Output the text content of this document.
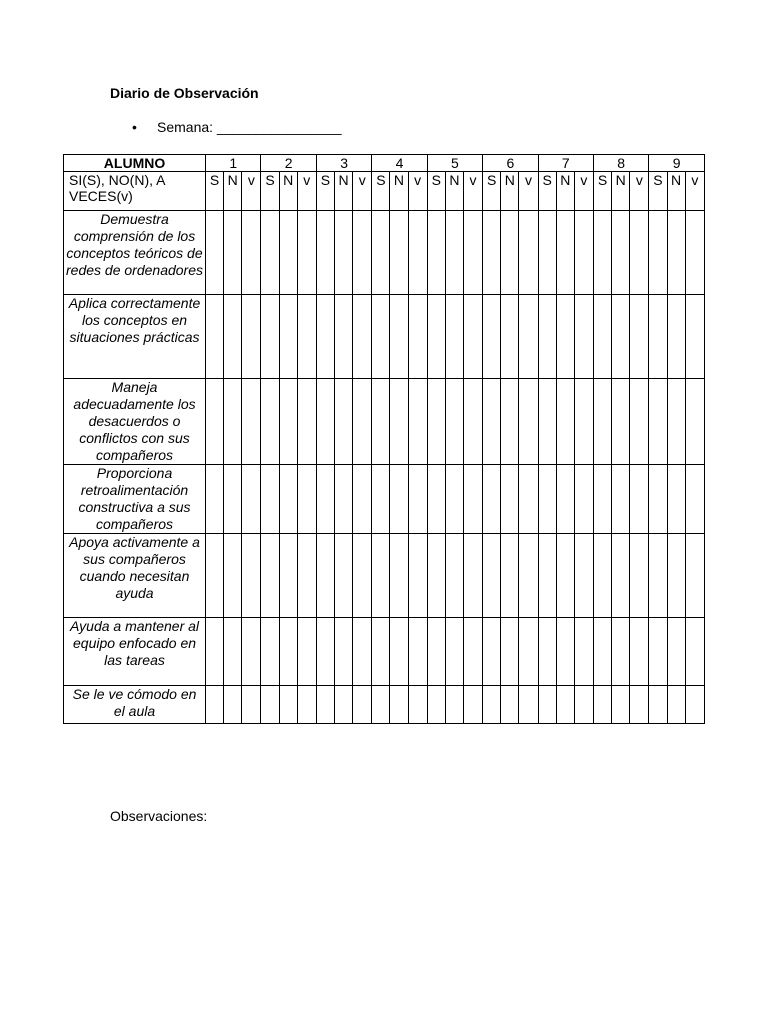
Diario de Observación
• Semana: ________________
ALUMNO	1			2			3			4			5			6			7			8			9		
SI(S), NO(N), A VECES(v)	S	N	v	S	N	v	S	N	v	S	N	v	S	N	v	S	N	v	S	N	v	S	N	v	S	N	v
Demuestra comprensión de los conceptos teóricos de redes de ordenadores																											
Aplica correctamente los conceptos en situaciones prácticas																											
Maneja adecuadamente los desacuerdos o conflictos con sus compañeros																											
Proporciona retroalimentación constructiva a sus compañeros																											
Apoya activamente a sus compañeros cuando necesitan ayuda																											
Ayuda a mantener al equipo enfocado en las tareas																											
Se le ve cómodo en el aula																											
Observaciones:
